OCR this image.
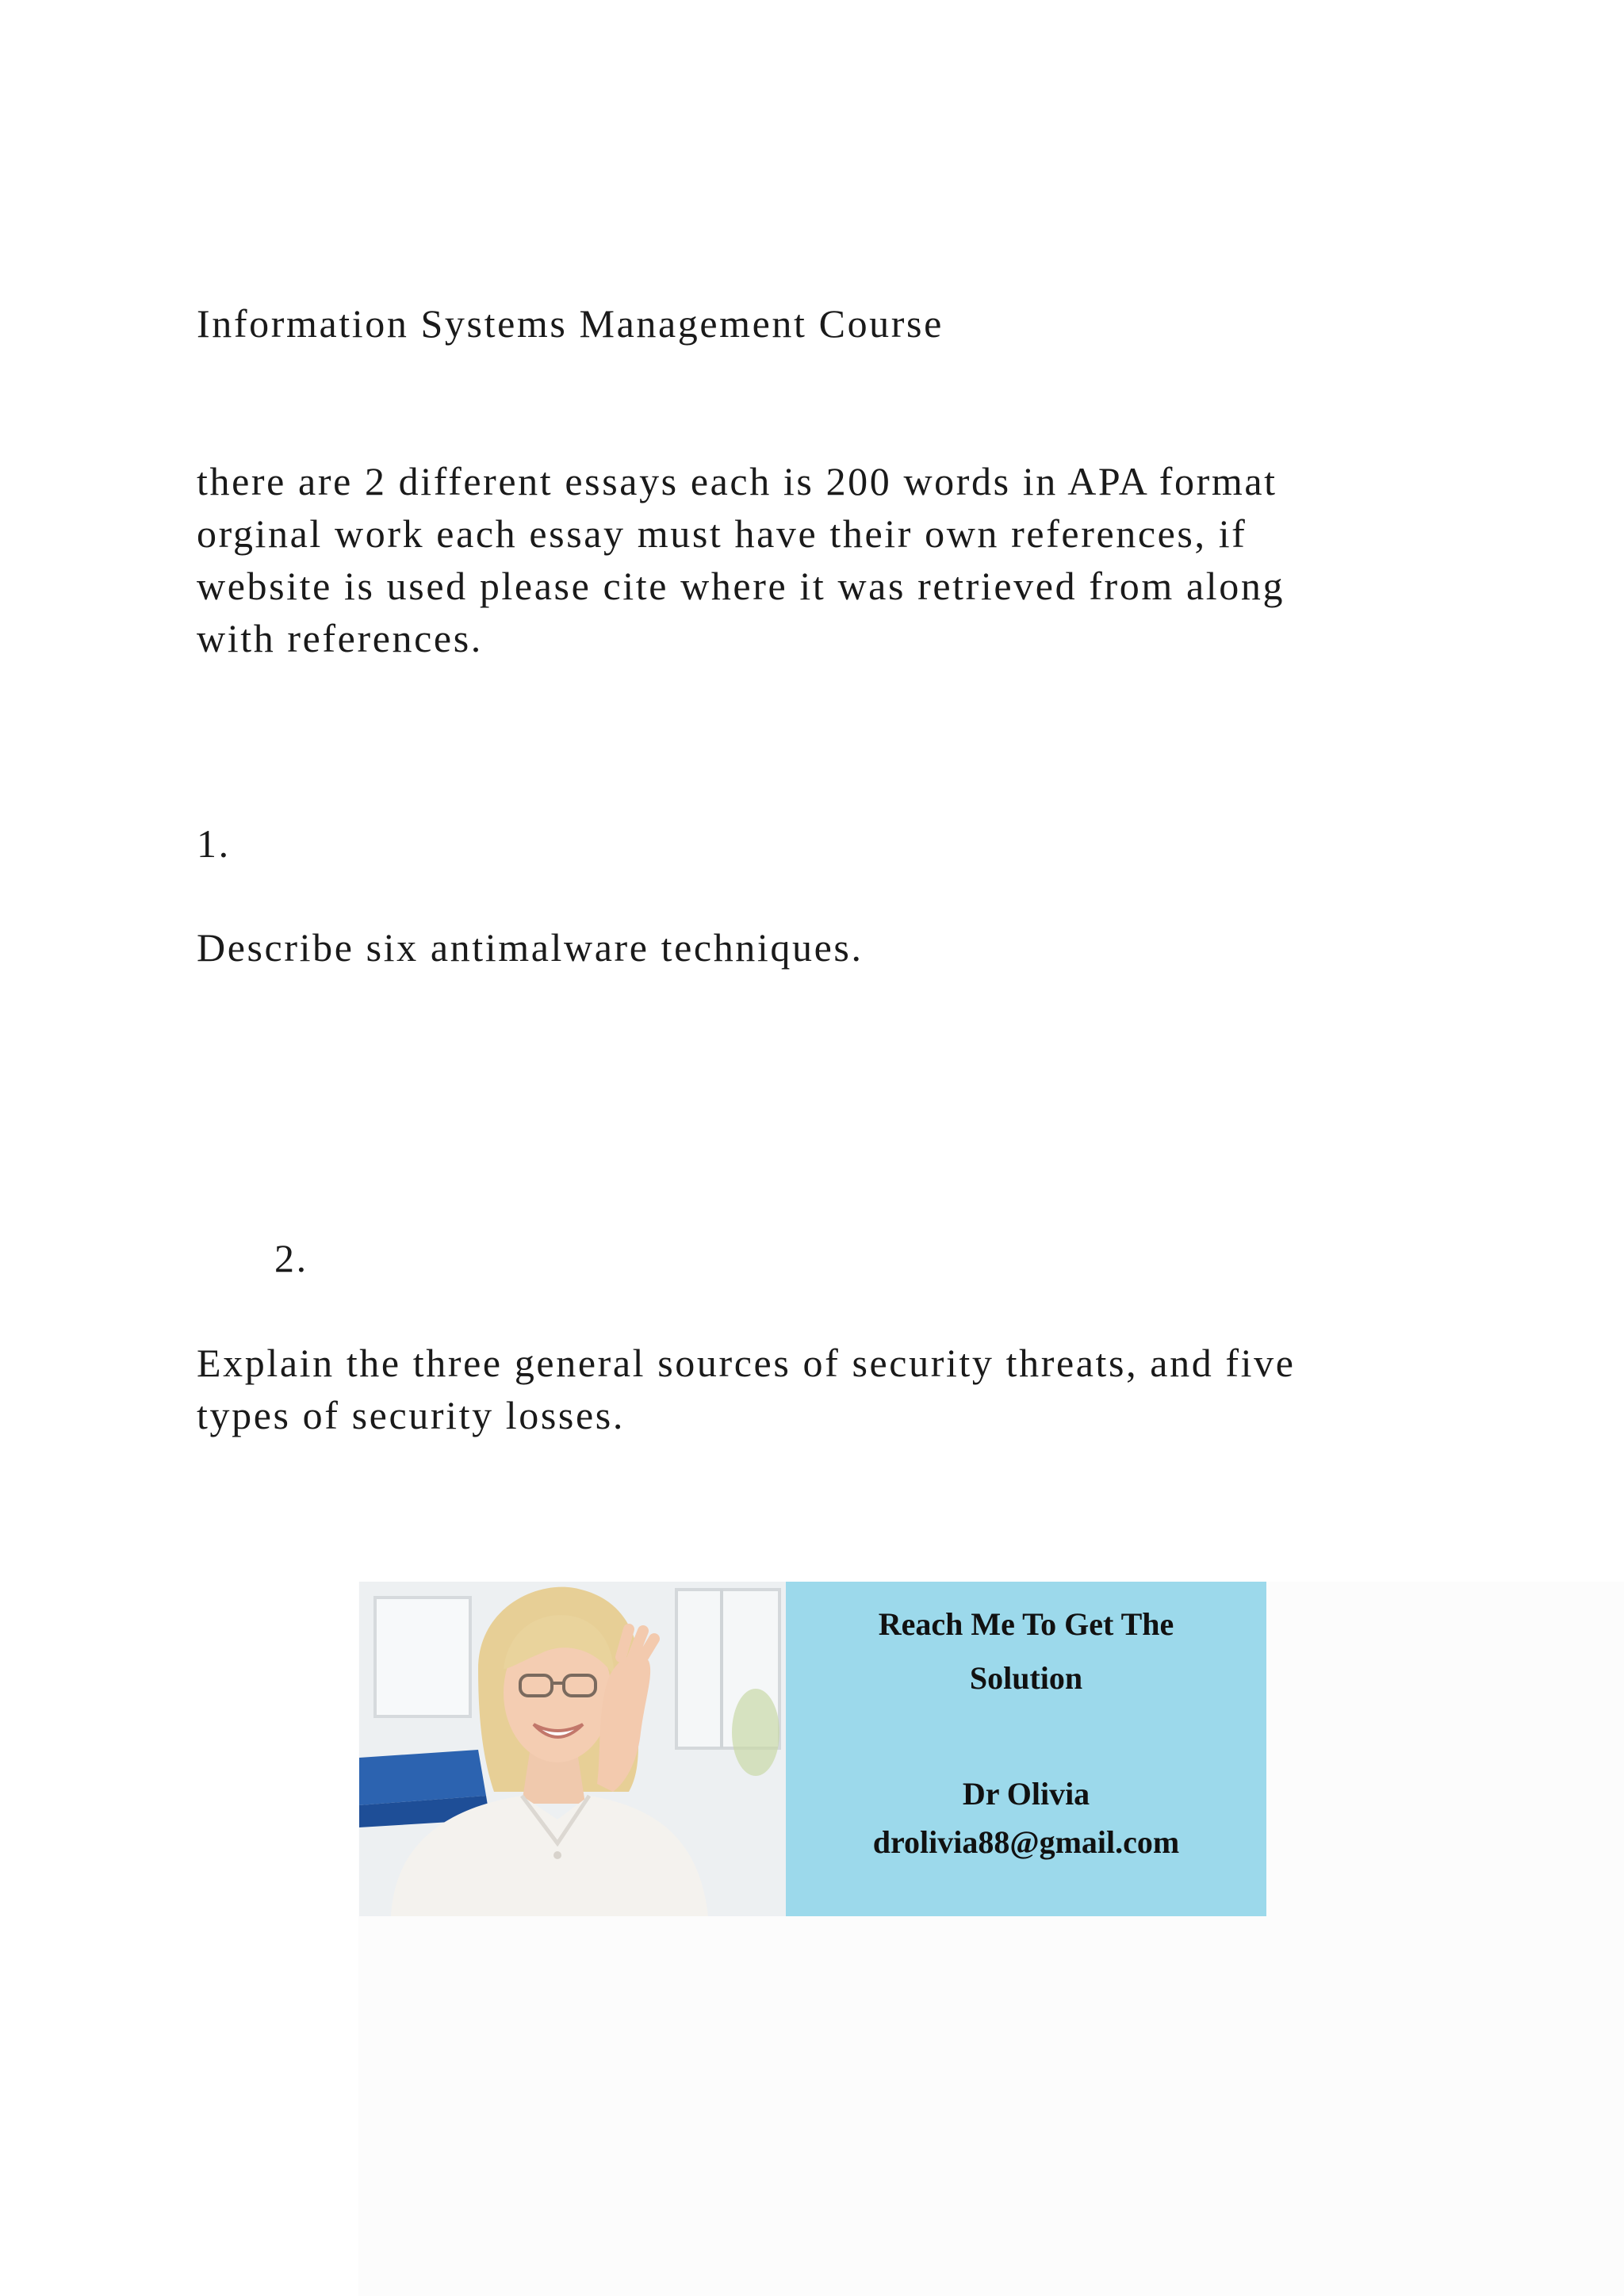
Information Systems Management Course

there are 2 different essays each is 200 words in APA format
orginal work each essay must have their own references, if
website is used please cite where it was retrieved from along
with references.

1.

Describe six antimalware techniques.

2.

Explain the three general sources of security threats, and five
types of security losses.

Reach Me To Get The
Solution
Dr Olivia
drolivia88@gmail.com
